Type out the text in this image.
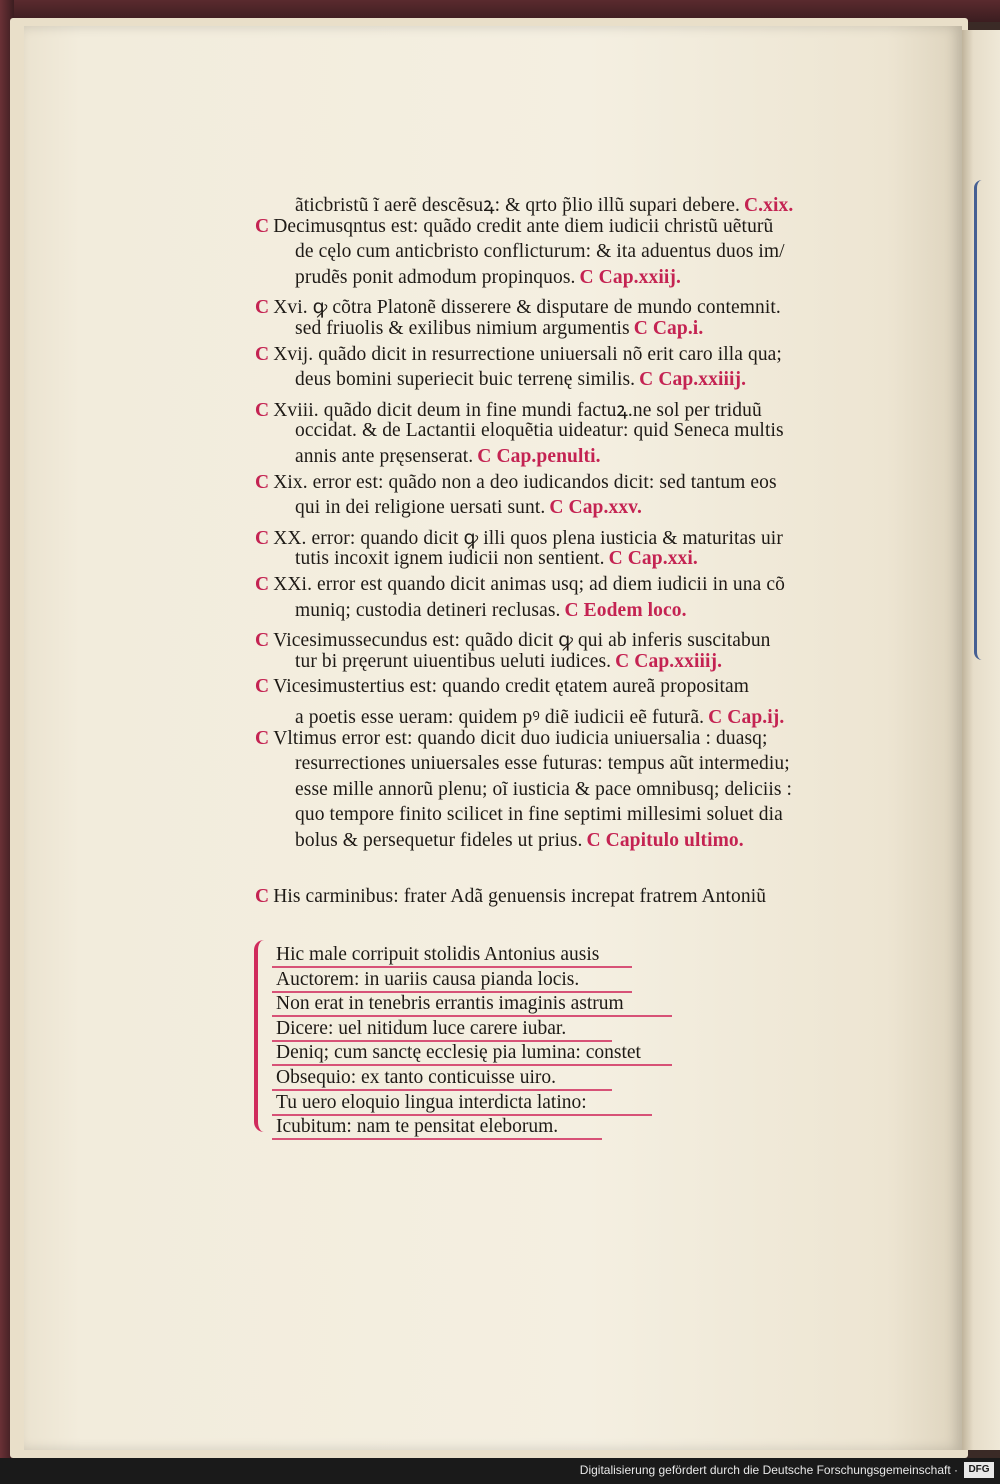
ãticbristũ ĩ aerẽ descẽsuꝝ: & qrto p̃lio illũ supari debere. C.xix.
C Decimusqntus est: quãdo credit ante diem iudicii christũ uẽturũ
de cęlo cum anticbristo conflicturum: & ita aduentus duos im/
prudẽs ponit admodum propinquos. C Cap.xxiij.
C Xvi. ꝙ cõtra Platonẽ disserere & disputare de mundo contemnit.
sed friuolis & exilibus nimium argumentis C Cap.i.
C Xvij. quãdo dicit in resurrectione uniuersali nõ erit caro illa qua;
deus bomini superiecit buic terrenę similis. C Cap.xxiiij.
C Xviii. quãdo dicit deum in fine mundi factuꝝ.ne sol per triduũ
occidat. & de Lactantii eloquẽtia uideatur: quid Seneca multis
annis ante pręsenserat. C Cap.penulti.
C Xix. error est: quãdo non a deo iudicandos dicit: sed tantum eos
qui in dei religione uersati sunt. C Cap.xxv.
C XX. error: quando dicit ꝙ illi quos plena iusticia & maturitas uir
tutis incoxit ignem iudicii non sentient. C Cap.xxi.
C XXi. error est quando dicit animas usq; ad diem iudicii in una cõ
muniq; custodia detineri reclusas. C Eodem loco.
C Vicesimussecundus est: quãdo dicit ꝙ qui ab inferis suscitabun
tur bi pręerunt uiuentibus ueluti iudices. C Cap.xxiiij.
C Vicesimustertius est: quando credit ętatem aureã propositam
a poetis esse ueram: quidem pꝰ diẽ iudicii eẽ futurã. C Cap.ij.
C Vltimus error est: quando dicit duo iudicia uniuersalia : duasq;
resurrectiones uniuersales esse futuras: tempus aũt intermediu;
esse mille annorũ plenu; oĩ iusticia & pace omnibusq; deliciis :
quo tempore finito scilicet in fine septimi millesimi soluet dia
bolus & persequetur fideles ut prius. C Capitulo ultimo.
C His carminibus: frater Adã genuensis increpat fratrem Antoniũ
Hic male corripuit stolidis Antonius ausis
Auctorem: in uariis causa pianda locis.
Non erat in tenebris errantis imaginis astrum
Dicere: uel nitidum luce carere iubar.
Deniq; cum sanctę ecclesię pia lumina: constet
Obsequio: ex tanto conticuisse uiro.
Tu uero eloquio lingua interdicta latino:
Icubitum: nam te pensitat eleborum.
Digitalisierung gefördert durch die Deutsche Forschungsgemeinschaft ·	DFG
